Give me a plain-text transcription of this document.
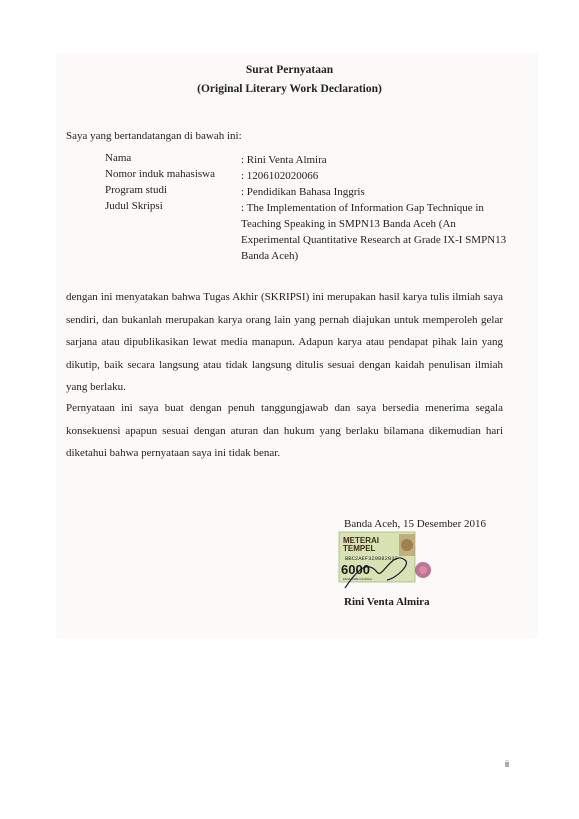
Surat Pernyataan
(Original Literary Work Declaration)
Saya yang bertandatangan di bawah ini:
Nama	: Rini Venta Almira
Nomor induk mahasiswa : 1206102020066
Program studi	: Pendidikan Bahasa Inggris
Judul Skripsi	: The Implementation of Information Gap Technique in Teaching Speaking in SMPN13 Banda Aceh (An Experimental Quantitative Research at Grade IX-I SMPN13 Banda Aceh)
dengan ini menyatakan bahwa Tugas Akhir (SKRIPSI) ini merupakan hasil karya tulis ilmiah saya sendiri, dan bukanlah merupakan karya orang lain yang pernah diajukan untuk memperoleh gelar sarjana atau dipublikasikan lewat media manapun. Adapun karya atau pendapat pihak lain yang dikutip, baik secara langsung atau tidak langsung ditulis sesuai dengan kaidah penulisan ilmiah yang berlaku.
Pernyataan ini saya buat dengan penuh tanggungjawab dan saya bersedia menerima segala konsekuensi apapun sesuai dengan aturan dan hukum yang berlaku bilamana dikemudian hari diketahui bahwa pernyataan saya ini tidak benar.
Banda Aceh, 15 Desember 2016
METERAI
TEMPEL
BBC2AEF329882932
6000
ENAM RIBU RUPIAH
Rini Venta Almira
ii
